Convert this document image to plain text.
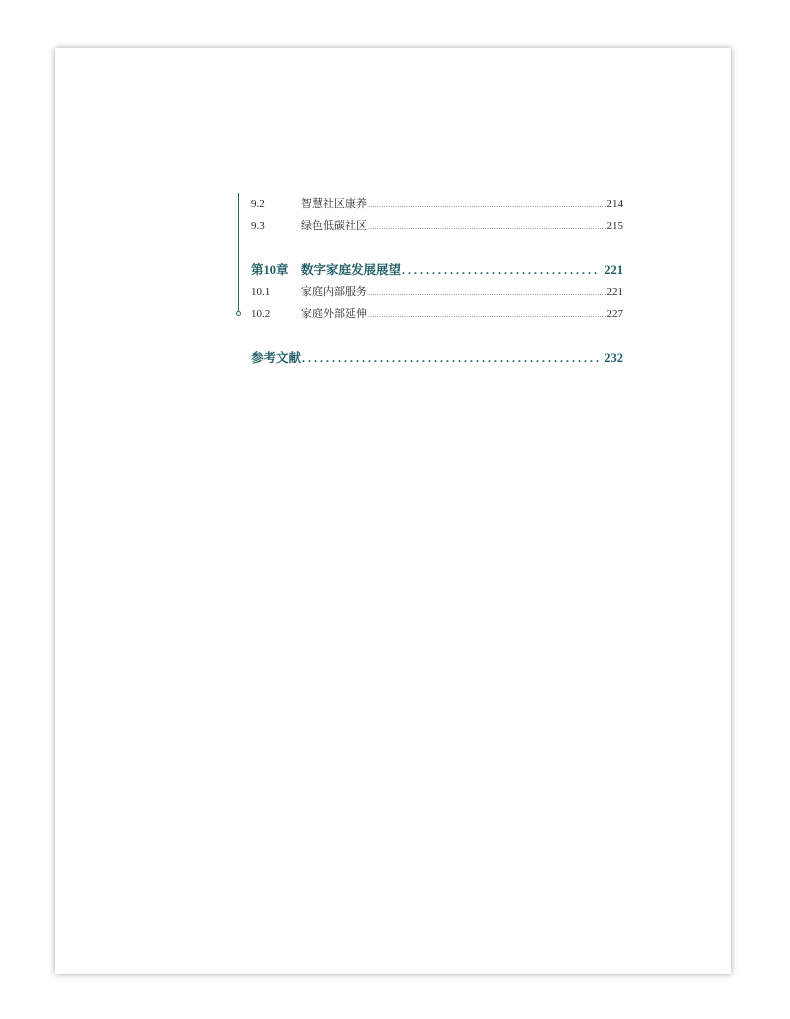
9.2	智慧社区康养 .....	214
9.3	绿色低碳社区 .....	215
第10章 数字家庭发展展望 . . .	221
10.1	家庭内部服务 .....	221
10.2	家庭外部延伸 .....	227
参考文献 . . .	232
